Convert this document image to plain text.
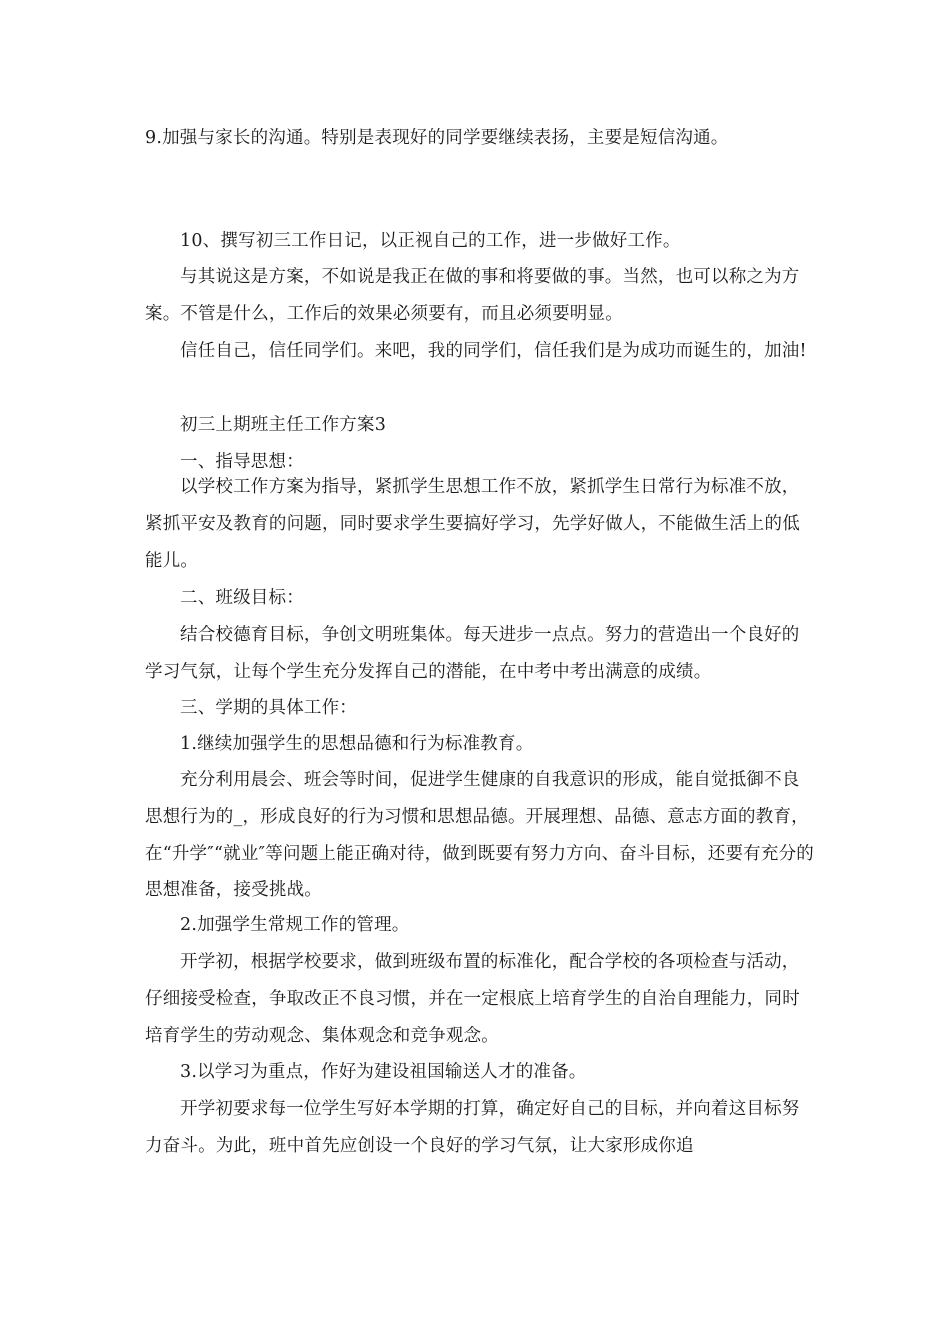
9.加强与家长的沟通。特别是表现好的同学要继续表扬，主要是短信沟通。

10、撰写初三工作日记，以正视自己的工作，进一步做好工作。

与其说这是方案，不如说是我正在做的事和将要做的事。当然，也可以称之为方案。不管是什么，工作后的效果必须要有，而且必须要明显。

信任自己，信任同学们。来吧，我的同学们，信任我们是为成功而诞生的，加油!

初三上期班主任工作方案3

一、指导思想：

以学校工作方案为指导，紧抓学生思想工作不放，紧抓学生日常行为标准不放，紧抓平安及教育的问题，同时要求学生要搞好学习，先学好做人，不能做生活上的低能儿。

二、班级目标：

结合校德育目标，争创文明班集体。每天进步一点点。努力的营造出一个良好的学习气氛，让每个学生充分发挥自己的潜能，在中考中考出满意的成绩。

三、学期的具体工作：

1.继续加强学生的思想品德和行为标准教育。

充分利用晨会、班会等时间，促进学生健康的自我意识的形成，能自觉抵御不良思想行为的_，形成良好的行为习惯和思想品德。开展理想、品德、意志方面的教育，在“升学″“就业″等问题上能正确对待，做到既要有努力方向、奋斗目标，还要有充分的思想准备，接受挑战。

2.加强学生常规工作的管理。

开学初，根据学校要求，做到班级布置的标准化，配合学校的各项检查与活动，仔细接受检查，争取改正不良习惯，并在一定根底上培育学生的自治自理能力，同时培育学生的劳动观念、集体观念和竞争观念。

3.以学习为重点，作好为建设祖国输送人才的准备。

开学初要求每一位学生写好本学期的打算，确定好自己的目标，并向着这目标努力奋斗。为此，班中首先应创设一个良好的学习气氛，让大家形成你追
